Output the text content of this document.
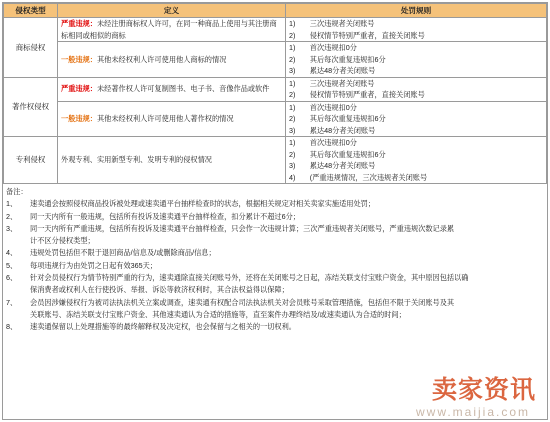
侵权类型	定义	处罚规则
商标侵权	严重违规：未经注册商标权人许可，在同一种商品上使用与其注册商标相同或相似的商标	1)　　三次违规者关闭账号
2)　　侵权情节特别严重者，直接关闭账号

	一般违规：其他未经权利人许可使用他人商标的情况	1)　　首次违规扣0分
2)　　其后每次重复违规扣6分
3)　　累达48分者关闭账号

著作权侵权	严重违规：未经著作权人许可复制图书、电子书、音像作品或软件	1)　　三次违规者关闭账号
2)　　侵权情节特别严重者，直接关闭账号

	一般违规：其他未经权利人许可使用他人著作权的情况	1)　　首次违规扣0分
2)　　其后每次重复违规扣6分
3)　　累达48分者关闭账号

专利侵权	外观专利、实用新型专利、发明专利的侵权情况	1)　　首次违规扣0分
2)　　其后每次重复违规扣6分
3)　　累达48分者关闭账号
4)　　(严重违规情况，三次违规者关闭账号
备注：
1、 速卖通会按照侵权商品投诉被处理或速卖通平台抽样检查时的状态，根据相关规定对相关卖家实施适用处罚；
2、 同一天内所有一般违规，包括所有投诉及速卖通平台抽样检查，扣分累计不超过6分；
3、 同一天内所有严重违规，包括所有投诉及速卖通平台抽样检查，只会作一次违规计算；三次严重违规者关闭账号，严重违规次数记录累
计不区分侵权类型；
4、 违规处罚包括但不限于退回商品/信息及/或删除商品/信息；
5、 每项违规行为由处罚之日起有效365天；
6、 针对会员侵权行为情节特别严重的行为，速卖通除直接关闭账号外，还将在关闭账号之日起，冻结关联支付宝账户资金，其中原因包括以确
保消费者或权利人在行使投诉、举报、诉讼等救济权利时，其合法权益得以保障；
7、 会员因涉嫌侵权行为被司法执法机关立案或调查，速卖通有权配合司法执法机关对会员账号采取管理措施，包括但不限于关闭账号及其
关联账号、冻结关联支付宝账户资金、其他速卖通认为合适的措施等，直至案件办理终结及/或速卖通认为合适的时间；
8、 速卖通保留以上处理措施等的最终解释权及决定权，也会保留与之相关的一切权利。
卖家资讯
www.maijia.com
